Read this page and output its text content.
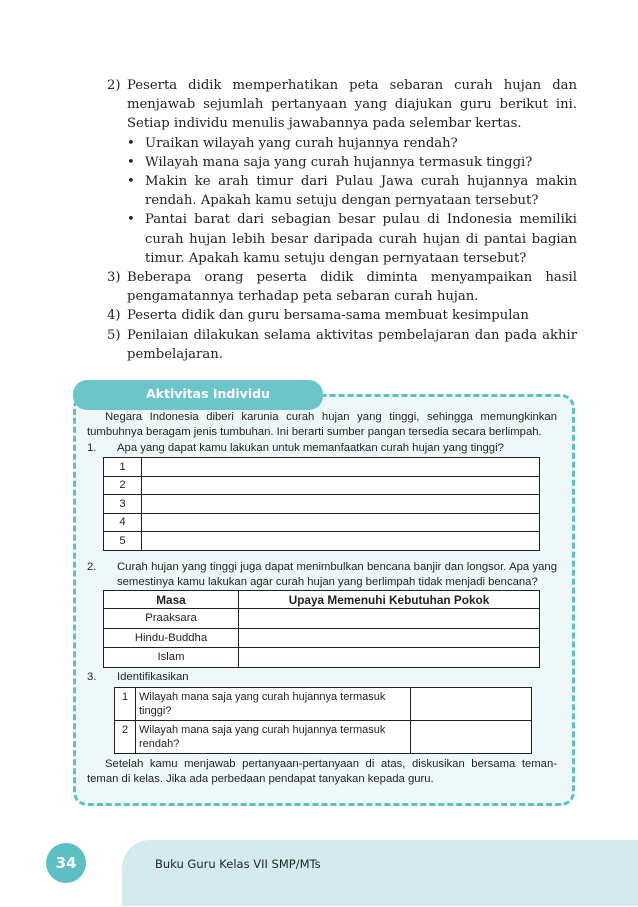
2) Peserta didik memperhatikan peta sebaran curah hujan dan menjawab sejumlah pertanyaan yang diajukan guru berikut ini. Setiap individu menulis jawabannya pada selembar kertas.
• Uraikan wilayah yang curah hujannya rendah?
• Wilayah mana saja yang curah hujannya termasuk tinggi?
• Makin ke arah timur dari Pulau Jawa curah hujannya makin rendah. Apakah kamu setuju dengan pernyataan tersebut?
• Pantai barat dari sebagian besar pulau di Indonesia memiliki curah hujan lebih besar daripada curah hujan di pantai bagian timur. Apakah kamu setuju dengan pernyataan tersebut?
3) Beberapa orang peserta didik diminta menyampaikan hasil pengamatannya terhadap peta sebaran curah hujan.
4) Peserta didik dan guru bersama-sama membuat kesimpulan
5) Penilaian dilakukan selama aktivitas pembelajaran dan pada akhir pembelajaran.
Aktivitas Individu
Negara Indonesia diberi karunia curah hujan yang tinggi, sehingga memungkinkan tumbuhnya beragam jenis tumbuhan. Ini berarti sumber pangan tersedia secara berlimpah.
1.	Apa yang dapat kamu lakukan untuk memanfaatkan curah hujan yang tinggi?
1	
2	
3	
4	
5	
2.	Curah hujan yang tinggi juga dapat menimbulkan bencana banjir dan longsor. Apa yang semestinya kamu lakukan agar curah hujan yang berlimpah tidak menjadi bencana?
Masa	Upaya Memenuhi Kebutuhan Pokok
Praaksara	
Hindu-Buddha	
Islam	
3.	Identifikasikan
1	Wilayah mana saja yang curah hujannya termasuk tinggi?	
2	Wilayah mana saja yang curah hujannya termasuk rendah?	
Setelah kamu menjawab pertanyaan-pertanyaan di atas, diskusikan bersama teman-teman di kelas. Jika ada perbedaan pendapat tanyakan kepada guru.
Buku Guru Kelas VII SMP/MTs
34
